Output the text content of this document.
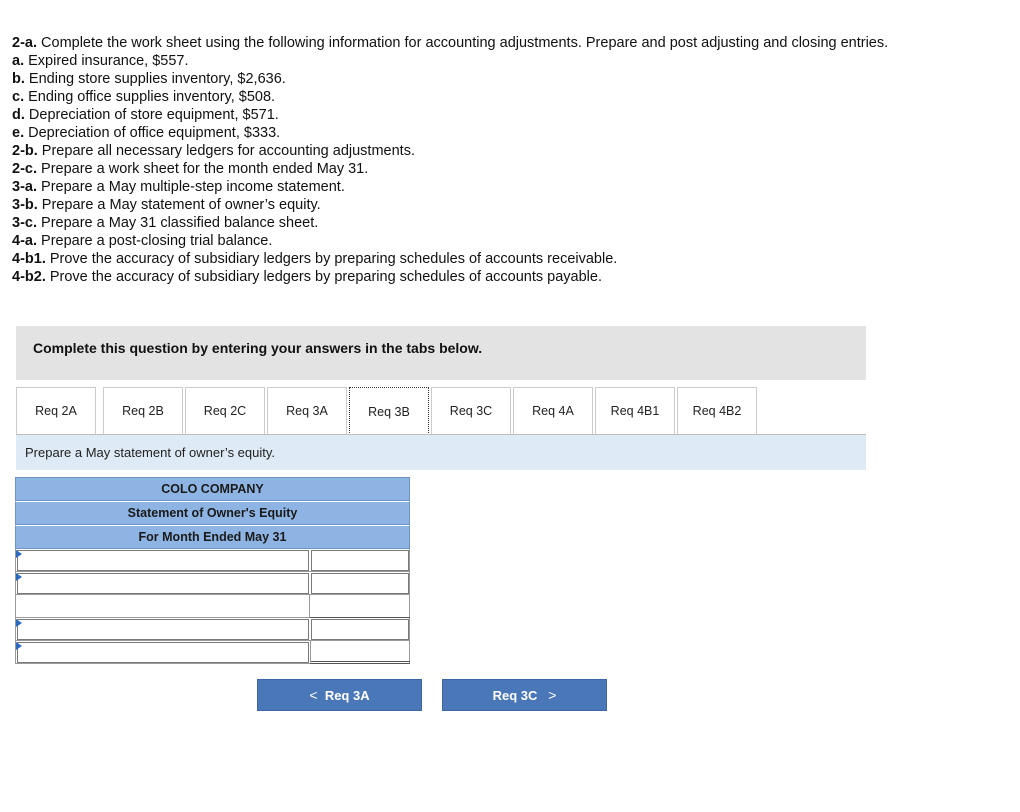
2-a. Complete the work sheet using the following information for accounting adjustments. Prepare and post adjusting and closing entries.
a. Expired insurance, $557.
b. Ending store supplies inventory, $2,636.
c. Ending office supplies inventory, $508.
d. Depreciation of store equipment, $571.
e. Depreciation of office equipment, $333.
2-b. Prepare all necessary ledgers for accounting adjustments.
2-c. Prepare a work sheet for the month ended May 31.
3-a. Prepare a May multiple-step income statement.
3-b. Prepare a May statement of owner’s equity.
3-c. Prepare a May 31 classified balance sheet.
4-a. Prepare a post-closing trial balance.
4-b1. Prove the accuracy of subsidiary ledgers by preparing schedules of accounts receivable.
4-b2. Prove the accuracy of subsidiary ledgers by preparing schedules of accounts payable.
Complete this question by entering your answers in the tabs below.
Req 2A	Req 2B	Req 2C	Req 3A	Req 3B	Req 3C	Req 4A	Req 4B1	Req 4B2
Prepare a May statement of owner’s equity.
COLO COMPANY
Statement of Owner's Equity
For Month Ended May 31
<
Req 3A	Req 3C
>
